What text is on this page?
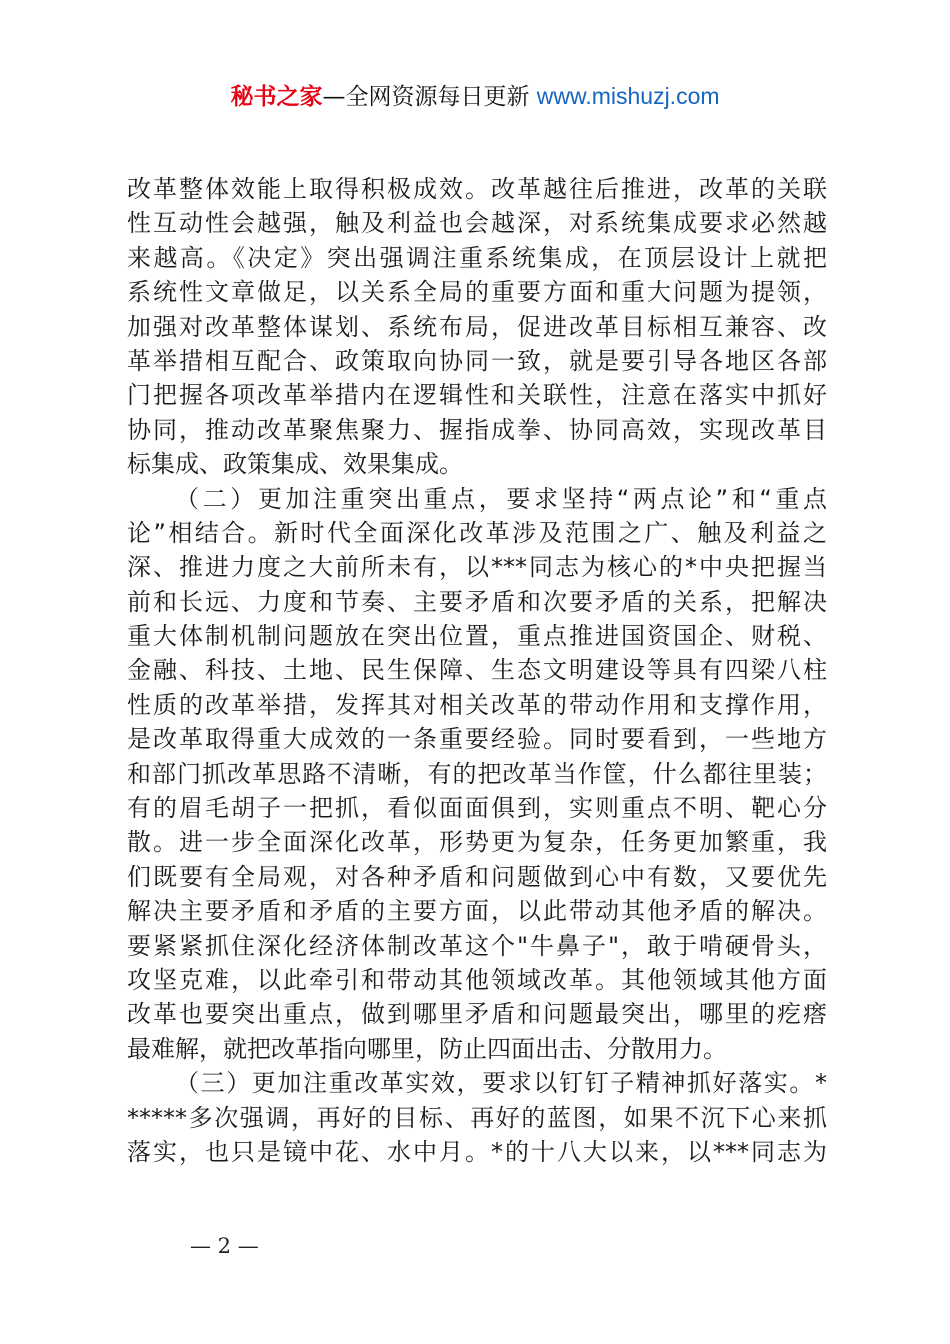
秘书之家—全网资源每日更新 www.mishuzj.com
改革整体效能上取得积极成效。改革越往后推进，改革的关联
性互动性会越强，触及利益也会越深，对系统集成要求必然越
来越高。《决定》突出强调注重系统集成，在顶层设计上就把
系统性文章做足，以关系全局的重要方面和重大问题为提领，
加强对改革整体谋划、系统布局，促进改革目标相互兼容、改
革举措相互配合、政策取向协同一致，就是要引导各地区各部
门把握各项改革举措内在逻辑性和关联性，注意在落实中抓好
协同，推动改革聚焦聚力、握指成拳、协同高效，实现改革目
标集成、政策集成、效果集成。
（二）更加注重突出重点，要求坚持“两点论”和“重点
论”相结合。新时代全面深化改革涉及范围之广、触及利益之
深、推进力度之大前所未有，以***同志为核心的*中央把握当
前和长远、力度和节奏、主要矛盾和次要矛盾的关系，把解决
重大体制机制问题放在突出位置，重点推进国资国企、财税、
金融、科技、土地、民生保障、生态文明建设等具有四梁八柱
性质的改革举措，发挥其对相关改革的带动作用和支撑作用，
是改革取得重大成效的一条重要经验。同时要看到，一些地方
和部门抓改革思路不清晰，有的把改革当作筐，什么都往里装；
有的眉毛胡子一把抓，看似面面俱到，实则重点不明、靶心分
散。进一步全面深化改革，形势更为复杂，任务更加繁重，我
们既要有全局观，对各种矛盾和问题做到心中有数，又要优先
解决主要矛盾和矛盾的主要方面，以此带动其他矛盾的解决。
要紧紧抓住深化经济体制改革这个"牛鼻子"，敢于啃硬骨头，
攻坚克难，以此牵引和带动其他领域改革。其他领域其他方面
改革也要突出重点，做到哪里矛盾和问题最突出，哪里的疙瘩
最难解，就把改革指向哪里，防止四面出击、分散用力。
（三）更加注重改革实效，要求以钉钉子精神抓好落实。*
*****多次强调，再好的目标、再好的蓝图，如果不沉下心来抓
落实，也只是镜中花、水中月。*的十八大以来，以***同志为
— 2 —
